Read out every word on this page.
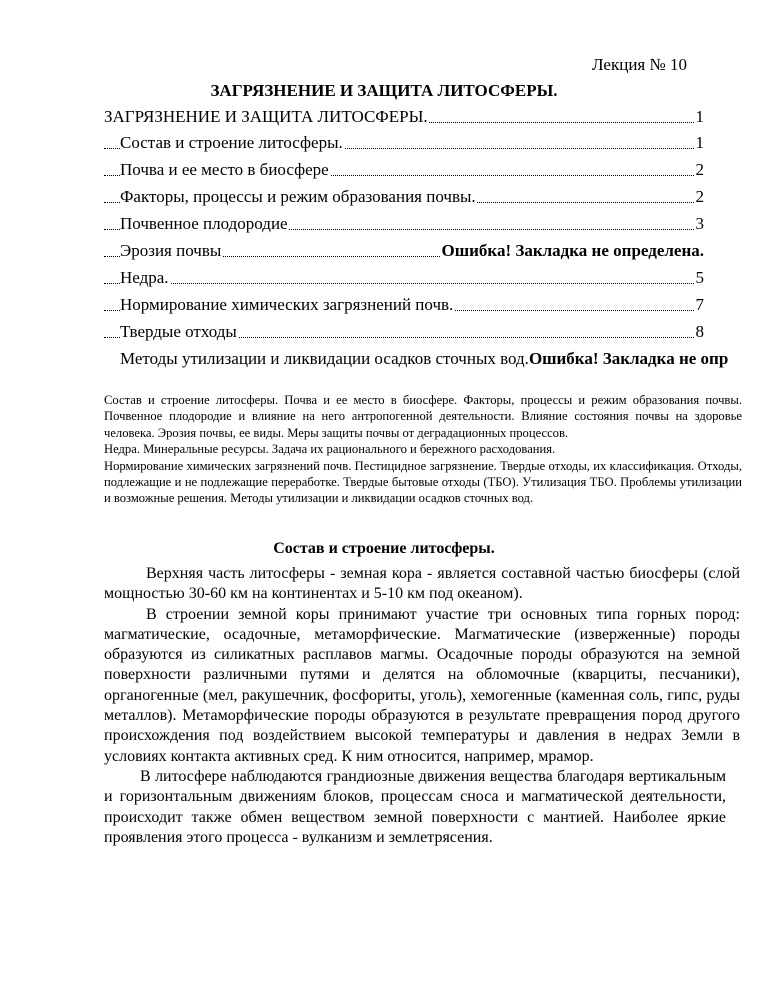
Лекция № 10
ЗАГРЯЗНЕНИЕ И ЗАЩИТА ЛИТОСФЕРЫ.
ЗАГРЯЗНЕНИЕ И ЗАЩИТА ЛИТОСФЕРЫ.	1
Состав и строение литосферы.	1
Почва и ее место в биосфере	2
Факторы, процессы и режим образования почвы.	2
Почвенное плодородие	3
Эрозия почвы	Ошибка! Закладка не определена.
Недра.	5
Нормирование химических загрязнений почв.	7
Твердые отходы	8
Методы утилизации и ликвидации осадков сточных вод.Ошибка! Закладка не опр

Состав и строение литосферы. Почва и ее место в биосфере. Факторы, процессы и режим образования почвы. Почвенное плодородие и влияние на него антропогенной деятельности. Влияние состояния почвы на здоровье человека. Эрозия почвы, ее виды. Меры защиты почвы от деградационных процессов.

Недра. Минеральные ресурсы. Задача их рационального и бережного расходования.

Нормирование химических загрязнений почв. Пестицидное загрязнение. Твердые отходы, их классификация. Отходы, подлежащие и не подлежащие переработке. Твердые бытовые отходы (ТБО). Утилизация ТБО. Проблемы утилизации и возможные решения. Методы утилизации и ликвидации осадков сточных вод.

Состав и строение литосферы.

Верхняя часть литосферы - земная кора - является составной частью биосферы (слой мощностью 30-60 км на континентах и 5-10 км под океаном).

В строении земной коры принимают участие три основных типа горных пород: магматические, осадочные, метаморфические. Магматические (изверженные) породы образуются из силикатных расплавов магмы. Осадочные породы образуются на земной поверхности различными путями и делятся на обломочные (кварциты, песчаники), органогенные (мел, ракушечник, фосфориты, уголь), хемогенные (каменная соль, гипс, руды металлов). Метаморфические породы образуются в результате превращения пород другого происхождения под воздействием высокой температуры и давления в недрах Земли в условиях контакта активных сред. К ним относится, например, мрамор.

В литосфере наблюдаются грандиозные движения вещества благодаря вертикальным и горизонтальным движениям блоков, процессам сноса и магматической деятельности, происходит также обмен веществом земной поверхности с мантией. Наиболее яркие проявления этого процесса - вулканизм и землетрясения.
